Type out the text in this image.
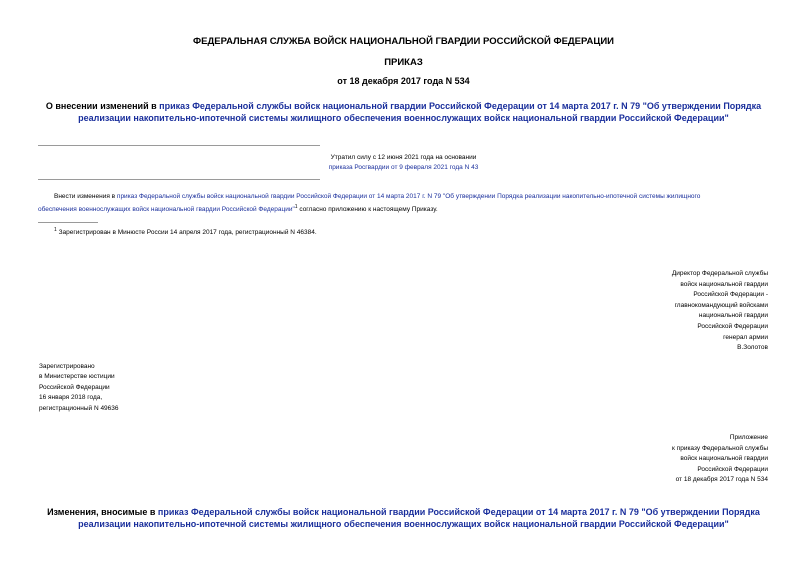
ФЕДЕРАЛЬНАЯ СЛУЖБА ВОЙСК НАЦИОНАЛЬНОЙ ГВАРДИИ РОССИЙСКОЙ ФЕДЕРАЦИИ
ПРИКАЗ
от 18 декабря 2017 года N 534
О внесении изменений в приказ Федеральной службы войск национальной гвардии Российской Федерации от 14 марта 2017 г. N 79 "Об утверждении Порядка
реализации накопительно-ипотечной системы жилищного обеспечения военнослужащих войск национальной гвардии Российской Федерации"
Утратил силу с 12 июня 2021 года на основании
приказа Росгвардии от 9 февраля 2021 года N 43
Внести изменения в приказ Федеральной службы войск национальной гвардии Российской Федерации от 14 марта 2017 г. N 79 "Об утверждении Порядка реализации накопительно-ипотечной системы жилищного
обеспечения военнослужащих войск национальной гвардии Российской Федерации"$^1$ согласно приложению к настоящему Приказу.
$^1$ Зарегистрирован в Минюсте России 14 апреля 2017 года, регистрационный N 46384.
Директор Федеральной службы
войск национальной гвардии
Российской Федерации -
главнокомандующий войсками
национальной гвардии
Российской Федерации
генерал армии
В.Золотов
Зарегистрировано
в Министерстве юстиции
Российской Федерации
16 января 2018 года,
регистрационный N 49636
Приложение
к приказу Федеральной службы
войск национальной гвардии
Российской Федерации
от 18 декабря 2017 года N 534
Изменения, вносимые в приказ Федеральной службы войск национальной гвардии Российской Федерации от 14 марта 2017 г. N 79 "Об утверждении Порядка
реализации накопительно-ипотечной системы жилищного обеспечения военнослужащих войск национальной гвардии Российской Федерации"
